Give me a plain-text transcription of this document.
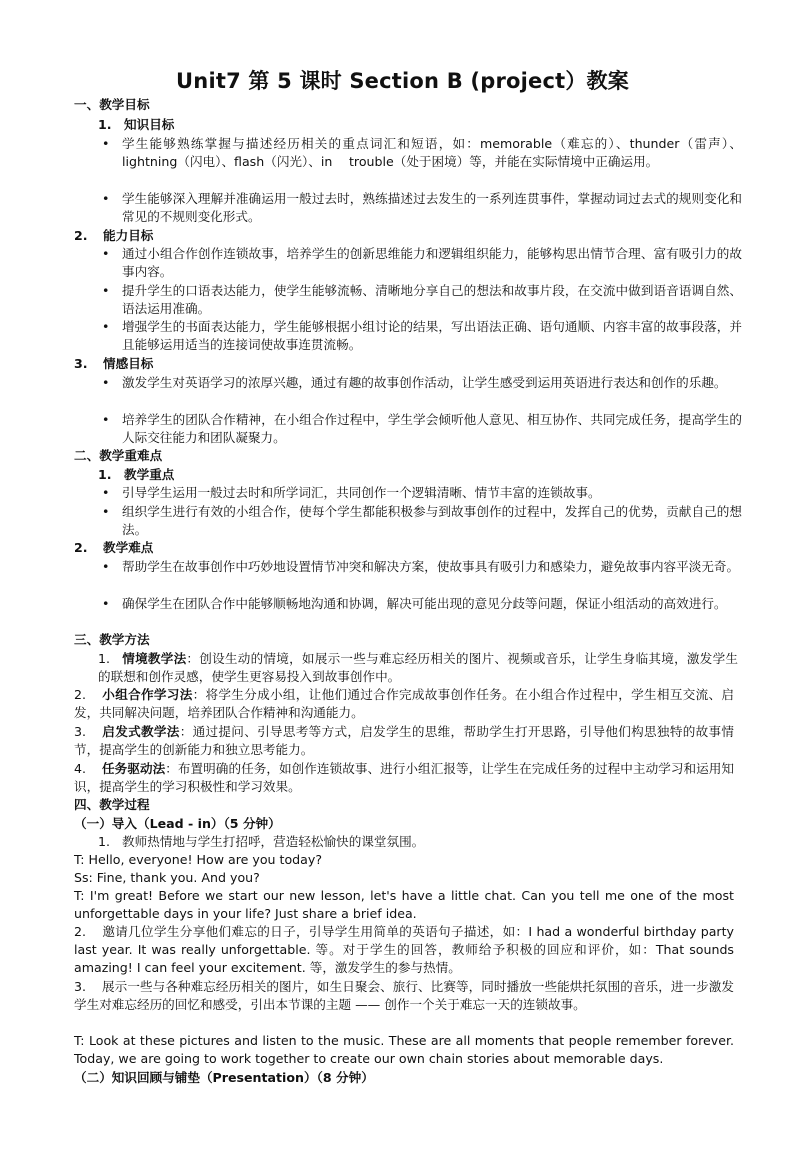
Unit7 第 5 课时 Section B (project）教案
一、教学目标
1. 知识目标
• 学生能够熟练掌握与描述经历相关的重点词汇和短语，如：memorable（难忘的）、thunder（雷声）、lightning（闪电）、flash（闪光）、in　 trouble（处于困境）等，并能在实际情境中正确运用。
• 学生能够深入理解并准确运用一般过去时，熟练描述过去发生的一系列连贯事件，掌握动词过去式的规则变化和常见的不规则变化形式。
2. 能力目标
• 通过小组合作创作连锁故事，培养学生的创新思维能力和逻辑组织能力，能够构思出情节合理、富有吸引力的故事内容。
• 提升学生的口语表达能力，使学生能够流畅、清晰地分享自己的想法和故事片段，在交流中做到语音语调自然、语法运用准确。
• 增强学生的书面表达能力，学生能够根据小组讨论的结果，写出语法正确、语句通顺、内容丰富的故事段落，并且能够运用适当的连接词使故事连贯流畅。
3. 情感目标
• 激发学生对英语学习的浓厚兴趣，通过有趣的故事创作活动，让学生感受到运用英语进行表达和创作的乐趣。
• 培养学生的团队合作精神，在小组合作过程中，学生学会倾听他人意见、相互协作、共同完成任务，提高学生的人际交往能力和团队凝聚力。
二、教学重难点
1. 教学重点
• 引导学生运用一般过去时和所学词汇，共同创作一个逻辑清晰、情节丰富的连锁故事。
• 组织学生进行有效的小组合作，使每个学生都能积极参与到故事创作的过程中，发挥自己的优势，贡献自己的想法。
2. 教学难点
• 帮助学生在故事创作中巧妙地设置情节冲突和解决方案，使故事具有吸引力和感染力，避免故事内容平淡无奇。
• 确保学生在团队合作中能够顺畅地沟通和协调，解决可能出现的意见分歧等问题，保证小组活动的高效进行。
三、教学方法
1. 情境教学法：创设生动的情境，如展示一些与难忘经历相关的图片、视频或音乐，让学生身临其境，激发学生的联想和创作灵感，使学生更容易投入到故事创作中。
2. 小组合作学习法：将学生分成小组，让他们通过合作完成故事创作任务。在小组合作过程中，学生相互交流、启发，共同解决问题，培养团队合作精神和沟通能力。
3. 启发式教学法：通过提问、引导思考等方式，启发学生的思维，帮助学生打开思路，引导他们构思独特的故事情节，提高学生的创新能力和独立思考能力。
4. 任务驱动法：布置明确的任务，如创作连锁故事、进行小组汇报等，让学生在完成任务的过程中主动学习和运用知识，提高学生的学习积极性和学习效果。
四、教学过程
（一）导入（Lead - in）（5 分钟）
1. 教师热情地与学生打招呼，营造轻松愉快的课堂氛围。
T: Hello, everyone! How are you today?
Ss: Fine, thank you. And you?
T: I'm great! Before we start our new lesson, let's have a little chat. Can you tell me one of the most unforgettable days in your life? Just share a brief idea.
2. 邀请几位学生分享他们难忘的日子，引导学生用简单的英语句子描述，如：I had a wonderful birthday party last year. It was really unforgettable. 等。对于学生的回答，教师给予积极的回应和评价，如：That sounds amazing! I can feel your excitement. 等，激发学生的参与热情。
3. 展示一些与各种难忘经历相关的图片，如生日聚会、旅行、比赛等，同时播放一些能烘托氛围的音乐，进一步激发学生对难忘经历的回忆和感受，引出本节课的主题 —— 创作一个关于难忘一天的连锁故事。
T: Look at these pictures and listen to the music. These are all moments that people remember forever. Today, we are going to work together to create our own chain stories about memorable days.
（二）知识回顾与铺垫（Presentation）（8 分钟）
